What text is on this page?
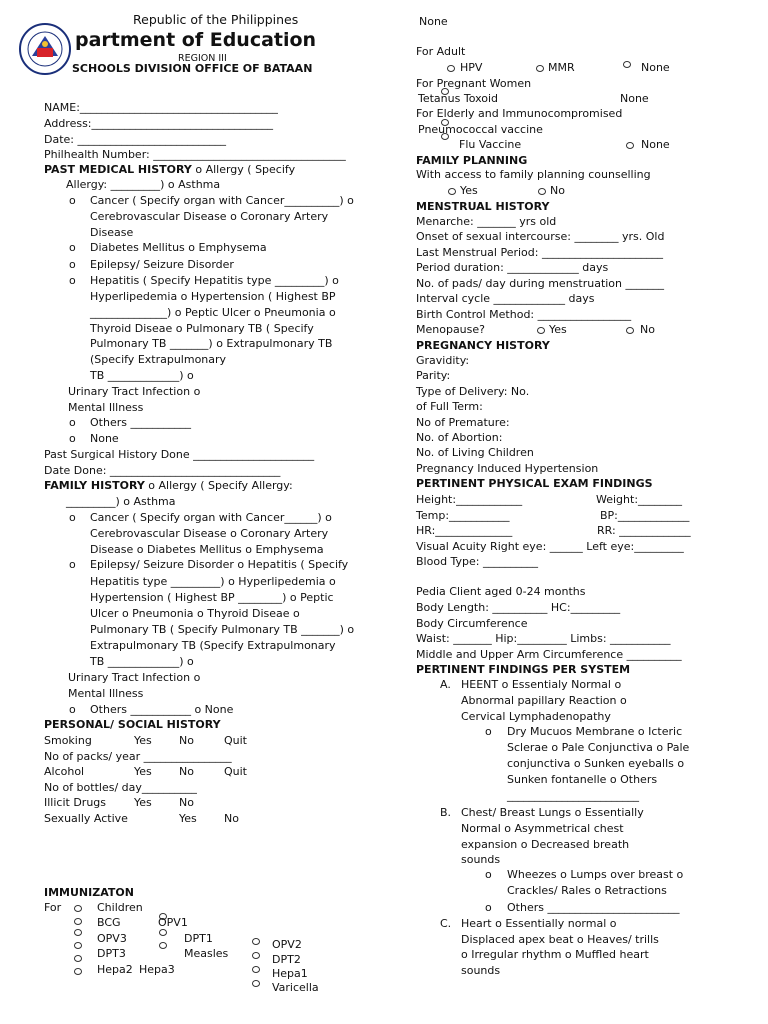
Republic of the Philippines
partment of Education
REGION III
SCHOOLS DIVISION OFFICE OF BATAAN
NAME:____________________________________
Address:_________________________________
Date: ___________________________
Philhealth Number: ___________________________________
PAST MEDICAL HISTORY o Allergy ( Specify
Allergy: _________) o Asthma
o Cancer ( Specify organ with Cancer__________) o
Cerebrovascular Disease o Coronary Artery
Disease
o Diabetes Mellitus o Emphysema
o Epilepsy/ Seizure Disorder
o Hepatitis ( Specify Hepatitis type _________) o
Hyperlipedemia o Hypertension ( Highest BP
______________) o Peptic Ulcer o Pneumonia o
Thyroid Diseae o Pulmonary TB ( Specify
Pulmonary TB _______) o Extrapulmonary TB
(Specify Extrapulmonary
TB _____________) o
Urinary Tract Infection o
Mental Illness
o Others ___________
o None
Past Surgical History Done ______________________
Date Done: _______________________________
FAMILY HISTORY o Allergy ( Specify Allergy:
_________) o Asthma
o Cancer ( Specify organ with Cancer______) o
Cerebrovascular Disease o Coronary Artery
Disease o Diabetes Mellitus o Emphysema
o Epilepsy/ Seizure Disorder o Hepatitis ( Specify
Hepatitis type _________) o Hyperlipedemia o
Hypertension ( Highest BP ________) o Peptic
Ulcer o Pneumonia o Thyroid Diseae o
Pulmonary TB ( Specify Pulmonary TB _______) o
Extrapulmonary TB (Specify Extrapulmonary
TB _____________) o
Urinary Tract Infection o
Mental Illness
o Others ___________ o None
PERSONAL/ SOCIAL HISTORY
Smoking	Yes No	Quit
No of packs/ year ________________
Alcohol	Yes No	Quit
No of bottles/ day__________
Illicit Drugs	Yes No
Sexually Active	Yes No
IMMUNIZATON
For	Children
BCG	OPV1
OPV3	DPT1	OPV2
DPT3	Measles	DPT2
Hepa2 Hepa3	Hepa1
Varicella
None
For Adult
HPV	MMR	None
For Pregnant Women
Tetanus Toxoid	None
For Elderly and Immunocompromised
Pneumococcal vaccine
Flu Vaccine	None
FAMILY PLANNING
With access to family planning counselling
Yes	No
MENSTRUAL HISTORY
Menarche: _______ yrs old
Onset of sexual intercourse: ________ yrs. Old
Last Menstrual Period: ______________________
Period duration: _____________ days
No. of pads/ day during menstruation _______
Interval cycle _____________ days
Birth Control Method: _________________
Menopause?	Yes	No
PREGNANCY HISTORY
Gravidity:
Parity:
Type of Delivery: No.
of Full Term:
No of Premature:
No. of Abortion:
No. of Living Children
Pregnancy Induced Hypertension
PERTINENT PHYSICAL EXAM FINDINGS
Height:____________	Weight:________
Temp:___________	BP:_____________
HR:______________	RR: _____________
Visual Acuity Right eye: ______ Left eye:_________
Blood Type: __________
Pedia Client aged 0-24 months
Body Length: __________ HC:_________
Body Circumference
Waist: _______ Hip:_________ Limbs: ___________
Middle and Upper Arm Circumference __________
PERTINENT FINDINGS PER SYSTEM
A. HEENT o Essentialy Normal o
Abnormal papillary Reaction o
Cervical Lymphadenopathy
o Dry Mucuos Membrane o Icteric
Sclerae o Pale Conjunctiva o Pale
conjunctiva o Sunken eyeballs o
Sunken fontanelle o Others
________________________
B. Chest/ Breast Lungs o Essentially
Normal o Asymmetrical chest
expansion o Decreased breath
sounds
o Wheezes o Lumps over breast o
Crackles/ Rales o Retractions
o Others ________________________
C. Heart o Essentially normal o
Displaced apex beat o Heaves/ trills
o Irregular rhythm o Muffled heart
sounds
